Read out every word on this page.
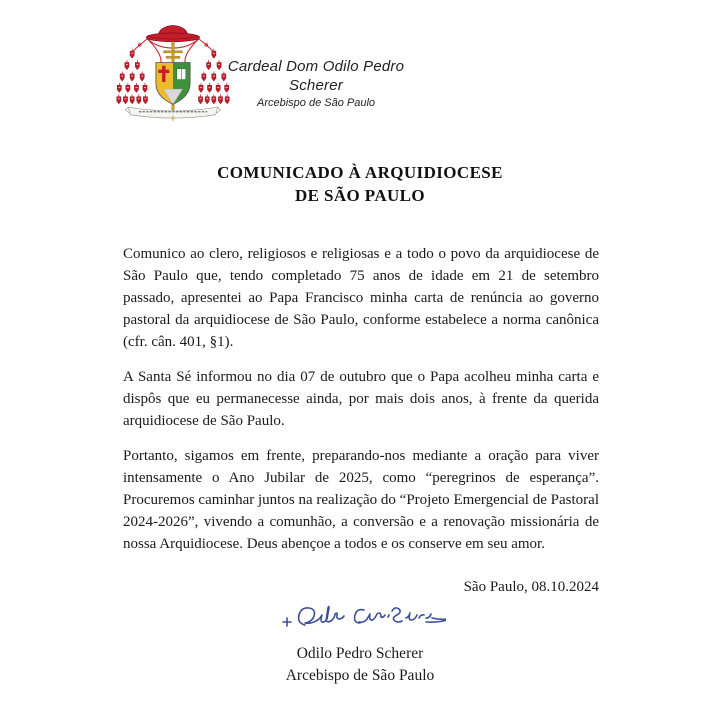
Cardeal Dom Odilo Pedro Scherer
Arcebispo de São Paulo
COMUNICADO À ARQUIDIOCESE
DE SÃO PAULO

Comunico ao clero, religiosos e religiosas e a todo o povo da arquidiocese de São Paulo que, tendo completado 75 anos de idade em 21 de setembro passado, apresentei ao Papa Francisco minha carta de renúncia ao governo pastoral da arquidiocese de São Paulo, conforme estabelece a norma canônica (cfr. cân. 401, §1).

A Santa Sé informou no dia 07 de outubro que o Papa acolheu minha carta e dispôs que eu permanecesse ainda, por mais dois anos, à frente da querida arquidiocese de São Paulo.

Portanto, sigamos em frente, preparando-nos mediante a oração para viver intensamente o Ano Jubilar de 2025, como “peregrinos de esperança”. Procuremos caminhar juntos na realização do “Projeto Emergencial de Pastoral 2024-2026”, vivendo a comunhão, a conversão e a renovação missionária de nossa Arquidiocese. Deus abençoe a todos e os conserve em seu amor.

São Paulo, 08.10.2024
Odilo Pedro Scherer
Arcebispo de São Paulo
